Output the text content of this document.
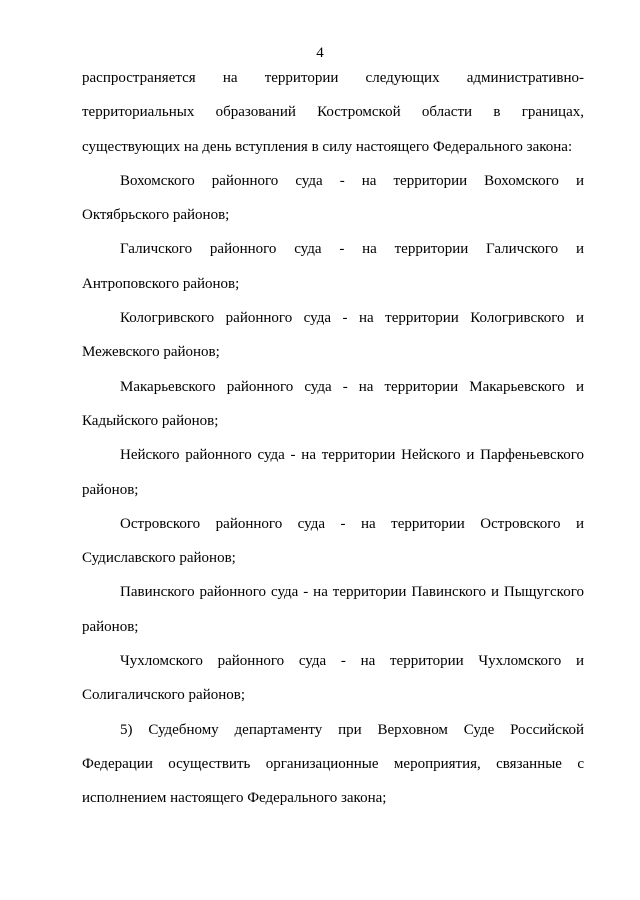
4
распространяется на территории следующих административно-
территориальных образований Костромской области в границах,
существующих на день вступления в силу настоящего Федерального закона:
Вохомского районного суда - на территории Вохомского и
Октябрьского районов;
Галичского районного суда - на территории Галичского и
Антроповского районов;
Кологривского районного суда - на территории Кологривского и
Межевского районов;
Макарьевского районного суда - на территории Макарьевского и
Кадыйского районов;
Нейского районного суда - на территории Нейского и Парфеньевского
районов;
Островского районного суда - на территории Островского и
Судиславского районов;
Павинского районного суда - на территории Павинского и Пыщугского
районов;
Чухломского районного суда - на территории Чухломского и
Солигаличского районов;
5) Судебному департаменту при Верховном Суде Российской
Федерации осуществить организационные мероприятия, связанные с
исполнением настоящего Федерального закона;
